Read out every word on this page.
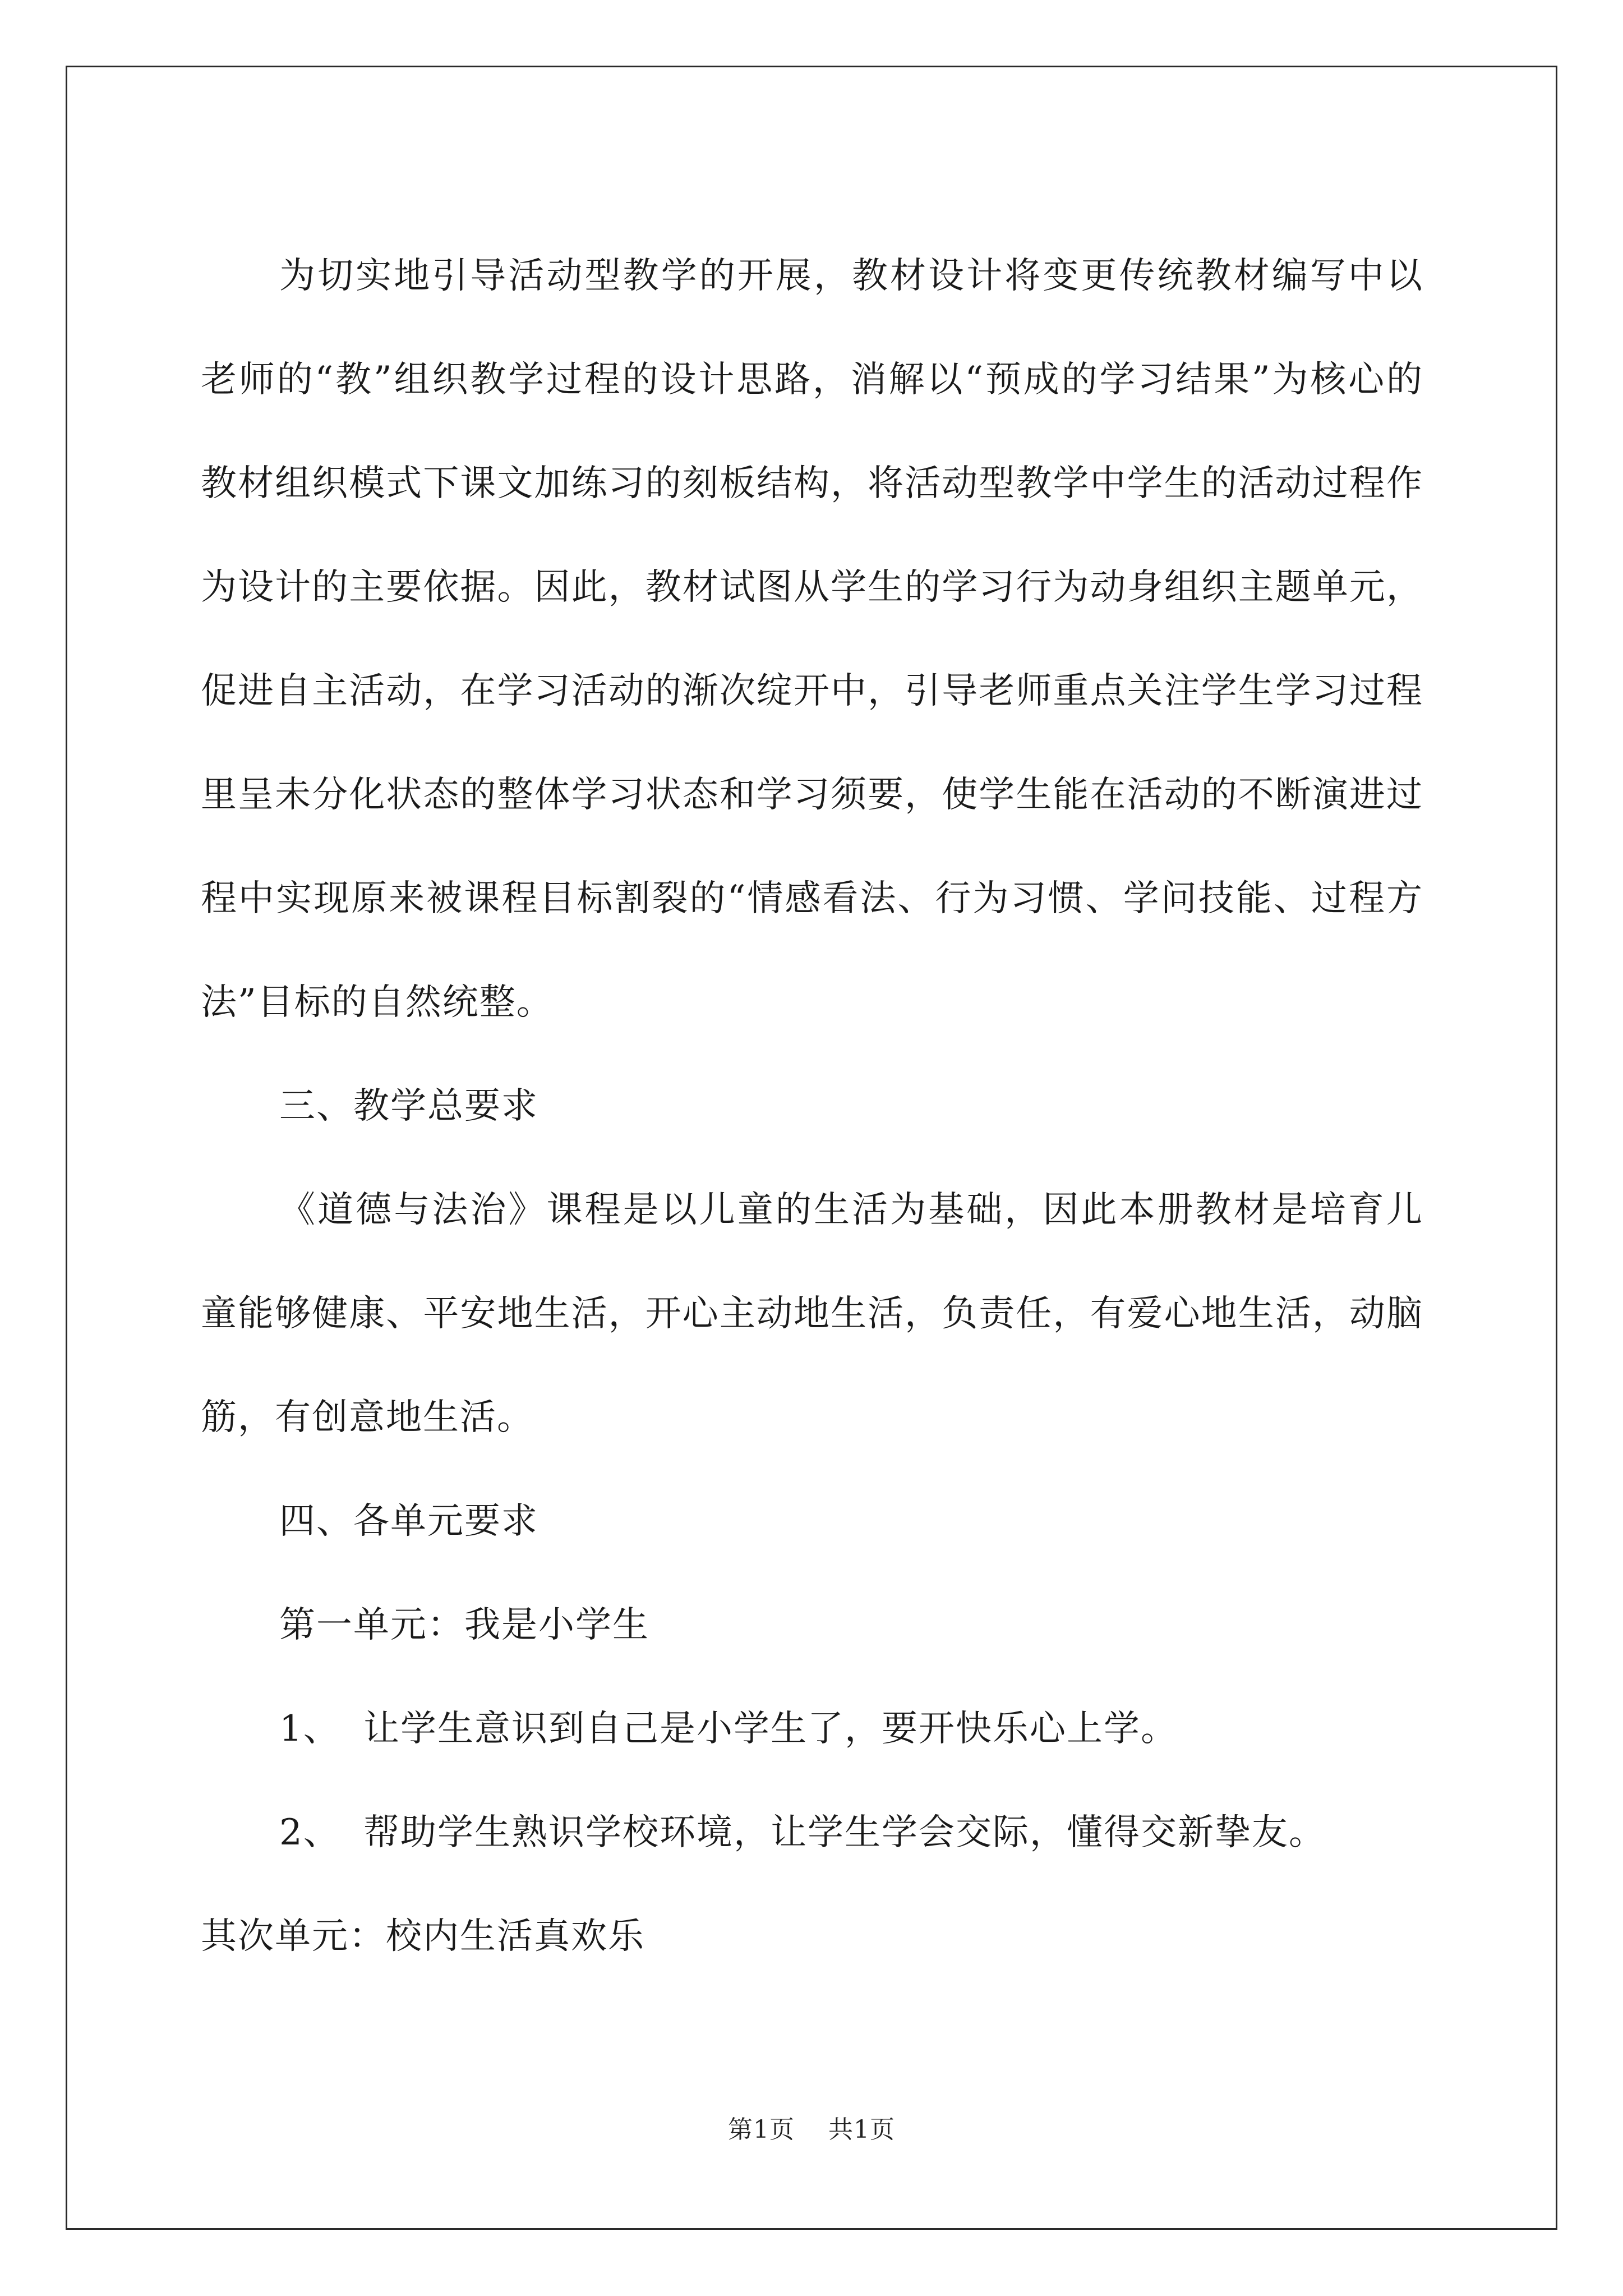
为切实地引导活动型教学的开展，教材设计将变更传统教材编写中以老师的“教”组织教学过程的设计思路，消解以“预成的学习结果”为核心的教材组织模式下课文加练习的刻板结构，将活动型教学中学生的活动过程作为设计的主要依据。因此，教材试图从学生的学习行为动身组织主题单元，促进自主活动，在学习活动的渐次绽开中，引导老师重点关注学生学习过程里呈未分化状态的整体学习状态和学习须要，使学生能在活动的不断演进过程中实现原来被课程目标割裂的“情感看法、行为习惯、学问技能、过程方法”目标的自然统整。

三、教学总要求

《道德与法治》课程是以儿童的生活为基础，因此本册教材是培育儿童能够健康、平安地生活，开心主动地生活，负责任，有爱心地生活，动脑筋，有创意地生活。

四、各单元要求

第一单元：我是小学生

1、 让学生意识到自己是小学生了，要开快乐心上学。

2、 帮助学生熟识学校环境，让学生学会交际，懂得交新挚友。

其次单元：校内生活真欢乐

第1页 共1页
